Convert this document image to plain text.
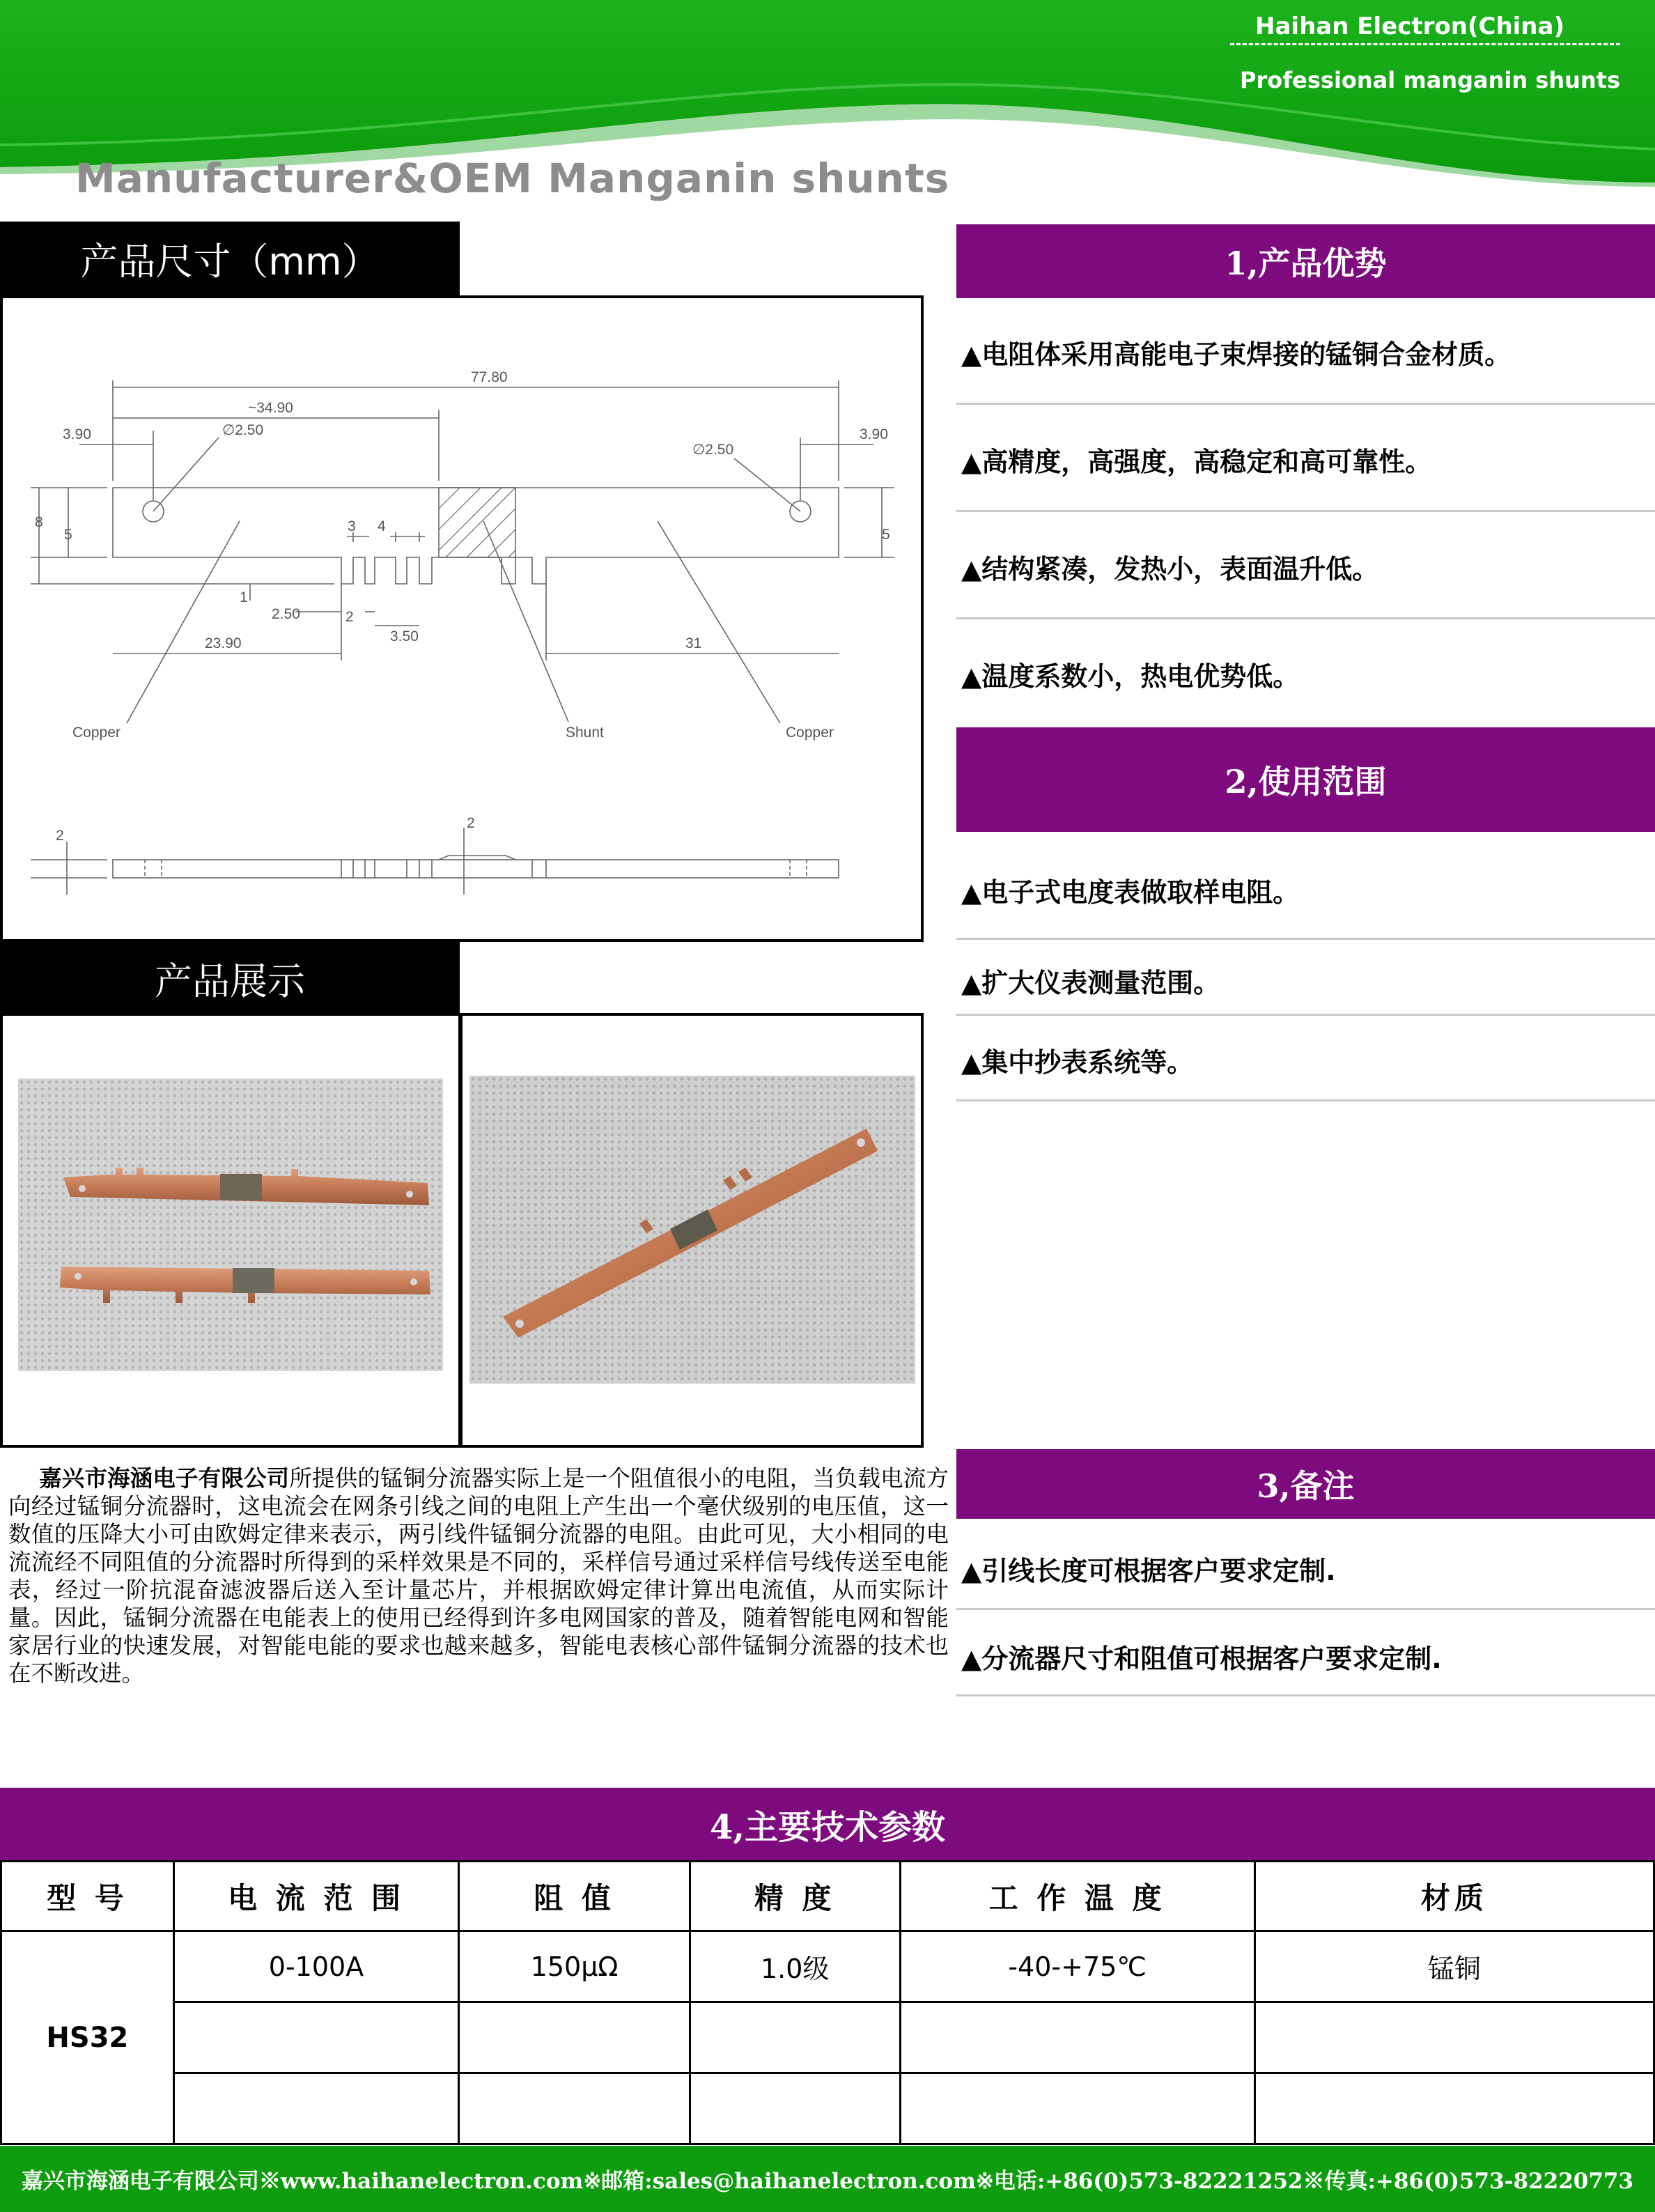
Haihan Electron(China)
Professional manganin shunts
Manufacturer&OEM Manganin shunts
产品尺寸（mm）
77.80
~34.90
∅2.50
∅2.50
3.90	3.90
8
5	5
3 4
1
2.50	2
3.50
23.90	31
Copper	Shunt	Copper
2
2
产品展示
1,产品优势
▲电阻体采用高能电子束焊接的锰铜合金材质。
▲高精度，高强度，高稳定和高可靠性。
▲结构紧凑，发热小，表面温升低。
▲温度系数小，热电优势低。
2,使用范围
▲电子式电度表做取样电阻。
▲扩大仪表测量范围。
▲集中抄表系统等。
3,备注
▲引线长度可根据客户要求定制.
▲分流器尺寸和阻值可根据客户要求定制.
嘉兴市海涵电子有限公司所提供的锰铜分流器实际上是一个阻值很小的电阻，当负载电流方向经过锰铜分流器时，这电流会在网条引线之间的电阻上产生出一个毫伏级别的电压值，这一数值的压降大小可由欧姆定律来表示，两引线件锰铜分流器的电阻。由此可见，大小相同的电流流经不同阻值的分流器时所得到的采样效果是不同的，采样信号通过采样信号线传送至电能表，经过一阶抗混奋滤波器后送入至计量芯片，并根据欧姆定律计算出电流值，从而实际计量。因此，锰铜分流器在电能表上的使用已经得到许多电网国家的普及，随着智能电网和智能家居行业的快速发展，对智能电能的要求也越来越多，智能电表核心部件锰铜分流器的技术也在不断改进。
4,主要技术参数
型 号	电 流 范 围	阻 值	精 度	工 作 温 度	材质
HS32	0-100A	150μΩ	1.0级	-40-+75℃	锰铜

嘉兴市海涵电子有限公司※www.haihanelectron.com※邮箱:sales@haihanelectron.com※电话:+86(0)573-82221252※传真:+86(0)573-82220773
